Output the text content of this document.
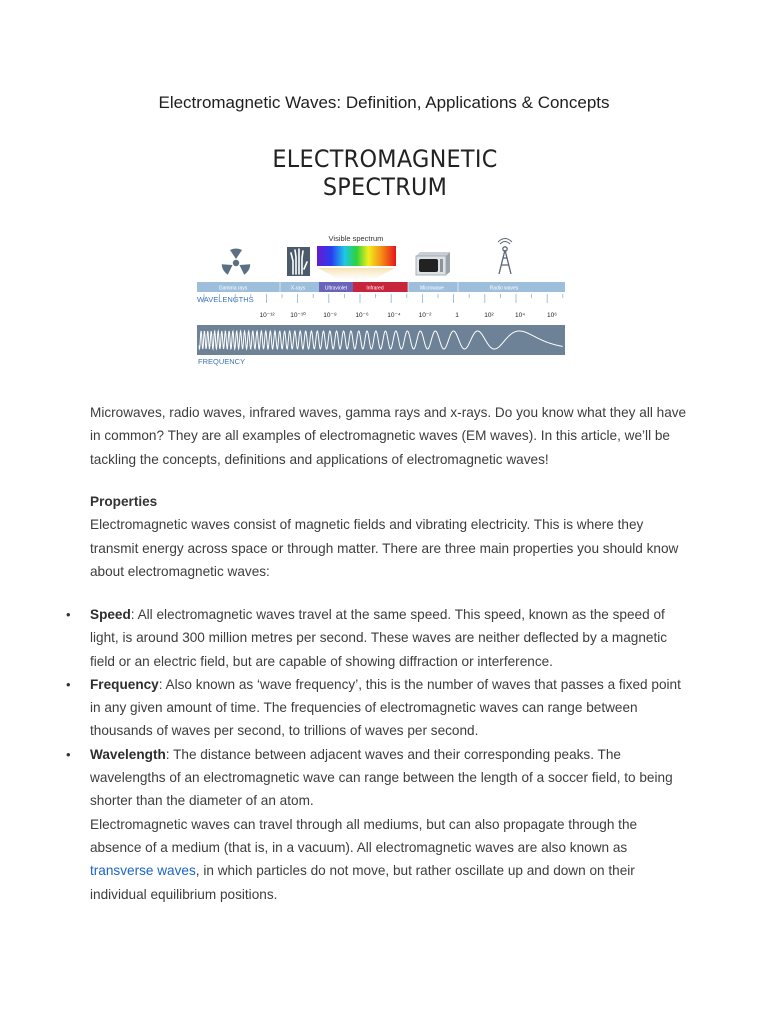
Electromagnetic Waves: Definition, Applications & Concepts
ELECTROMAGNETIC SPECTRUM
Visible spectrum
Gamma rays	X-rays	Ultraviolet	Infrared	Microwave	Radio waves
WAVELENGTHS
10⁻¹² 10⁻¹⁰	10⁻⁸	10⁻⁶	10⁻⁴	10⁻²	1	10²	10⁴	10⁶
FREQUENCY

Microwaves, radio waves, infrared waves, gamma rays and x-rays. Do you know what they all have in common? They are all examples of electromagnetic waves (EM waves). In this article, we’ll be tackling the concepts, definitions and applications of electromagnetic waves!

Properties

Electromagnetic waves consist of magnetic fields and vibrating electricity. This is where they transmit energy across space or through matter. There are three main properties you should know about electromagnetic waves:

• Speed: All electromagnetic waves travel at the same speed. This speed, known as the speed of light, is around 300 million metres per second. These waves are neither deflected by a magnetic field or an electric field, but are capable of showing diffraction or interference.
• Frequency: Also known as ‘wave frequency’, this is the number of waves that passes a fixed point in any given amount of time. The frequencies of electromagnetic waves can range between thousands of waves per second, to trillions of waves per second.
• Wavelength: The distance between adjacent waves and their corresponding peaks. The wavelengths of an electromagnetic wave can range between the length of a soccer field, to being shorter than the diameter of an atom.

Electromagnetic waves can travel through all mediums, but can also propagate through the absence of a medium (that is, in a vacuum). All electromagnetic waves are also known as transverse waves, in which particles do not move, but rather oscillate up and down on their individual equilibrium positions.
